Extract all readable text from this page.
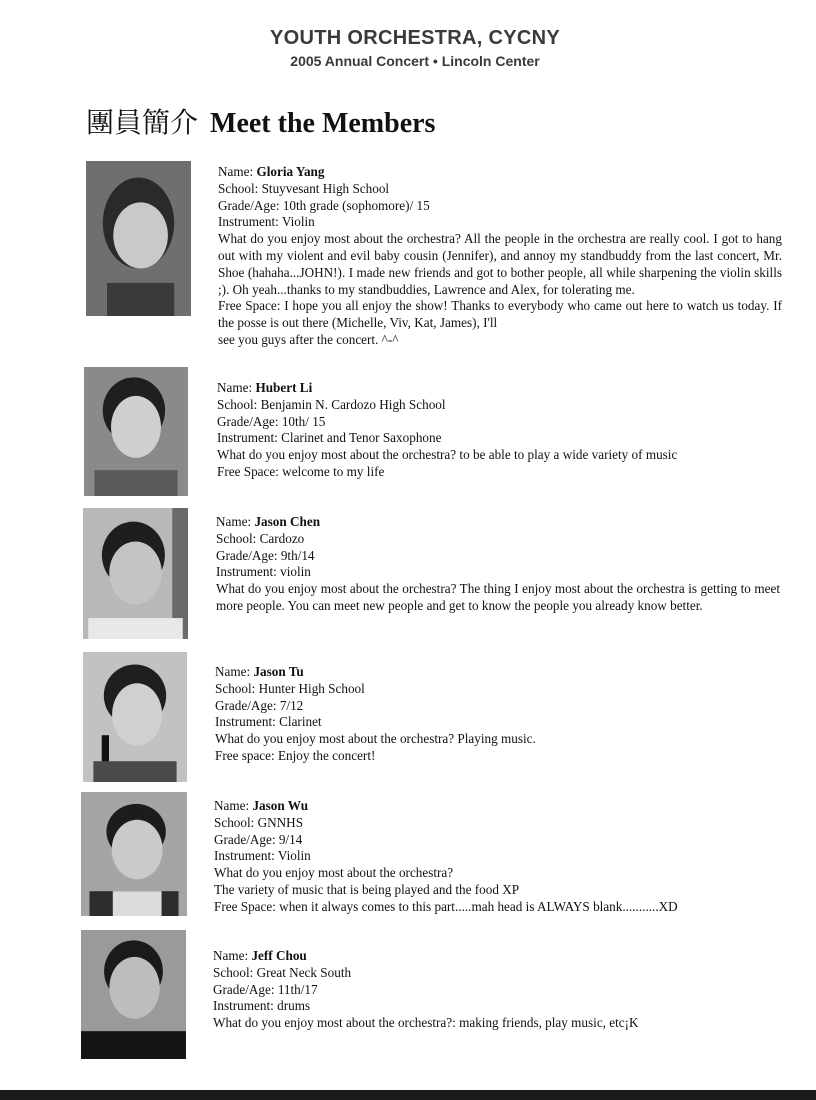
YOUTH ORCHESTRA, CYCNY
2005 Annual Concert • Lincoln Center
團員簡介 Meet the Members
Name: Gloria Yang
School: Stuyvesant High School
Grade/Age: 10th grade (sophomore)/ 15
Instrument: Violin
What do you enjoy most about the orchestra? All the people in the orchestra are really cool. I got to hang out with my violent and evil baby cousin (Jennifer), and annoy my standbuddy from the last concert, Mr. Shoe (hahaha...JOHN!). I made new friends and got to bother people, all while sharpening the violin skills ;). Oh yeah...thanks to my standbuddies, Lawrence and Alex, for tolerating me.
Free Space: I hope you all enjoy the show! Thanks to everybody who came out here to watch us today. If the posse is out there (Michelle, Viv, Kat, James), I'll
see you guys after the concert. ^-^
Name: Hubert Li
School: Benjamin N. Cardozo High School
Grade/Age: 10th/ 15
Instrument: Clarinet and Tenor Saxophone
What do you enjoy most about the orchestra? to be able to play a wide variety of music
Free Space: welcome to my life
Name: Jason Chen
School: Cardozo
Grade/Age: 9th/14
Instrument: violin
What do you enjoy most about the orchestra? The thing I enjoy most about the orchestra is getting to meet more people. You can meet new people and get to know the people you already know better.
Name: Jason Tu
School: Hunter High School
Grade/Age: 7/12
Instrument: Clarinet
What do you enjoy most about the orchestra? Playing music.
Free space: Enjoy the concert!
Name: Jason Wu
School: GNNHS
Grade/Age: 9/14
Instrument: Violin
What do you enjoy most about the orchestra?
The variety of music that is being played and the food XP
Free Space: when it always comes to this part.....mah head is ALWAYS blank...........XD
Name: Jeff Chou
School: Great Neck South
Grade/Age: 11th/17
Instrument: drums
What do you enjoy most about the orchestra?: making friends, play music, etc¡K
